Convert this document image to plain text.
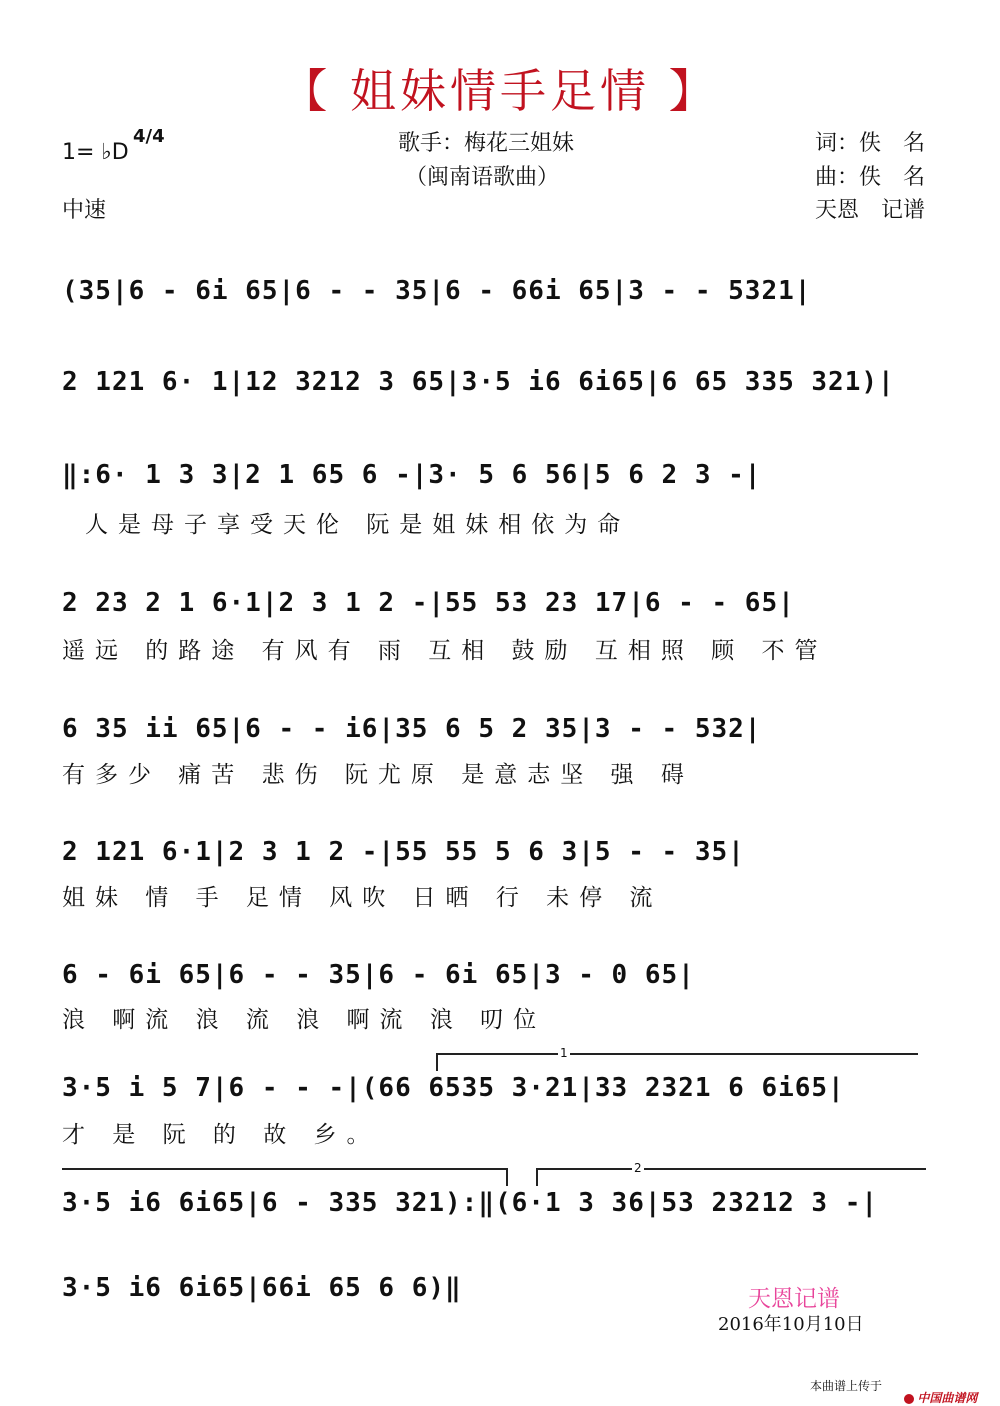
【 姐妹情手足情 】
1= ♭D
4/4
中速
歌手：梅花三姐妹
（闽南语歌曲）
词：佚　名
曲：佚　名
天恩　记谱
(35|6 - 6i 65|6 - - 35|6 - 66i 65|3 - - 5321|
2 121 6· 1|12 3212 3 65|3·5 i6 6i65|6 65 335 321)|
‖:6· 1 3 3|2 1 65 6 -|3· 5 6 56|5 6 2 3 -|
人是母子享受天伦 阮是姐妹相依为命
2 23 2 1 6·1|2 3 1 2 -|55 53 23 17|6 - - 65|
遥远 的路途 有风有 雨 互相 鼓励 互相照 顾 不管
6 35 ii 65|6 - - i6|35 6 5 2 35|3 - - 532|
有多少 痛苦 悲伤 阮尤原 是意志坚 强 碍
2 121 6·1|2 3 1 2 -|55 55 5 6 3|5 - - 35|
姐妹 情 手 足情 风吹 日晒 行 未停 流
6 - 6i 65|6 - - 35|6 - 6i 65|3 - 0 65|
浪 啊流 浪 流 浪 啊流 浪 叨位
1
3·5 i 5 7|6 - - -|(66 6535 3·21|33 2321 6 6i65|
才 是 阮 的 故 乡。
2
3·5 i6 6i65|6 - 335 321):‖(6·1 3 36|53 23212 3 -|
3·5 i6 6i65|66i 65 6 6)‖	天恩记谱
2016年10月10日
本曲谱上传于

中国曲谱网
